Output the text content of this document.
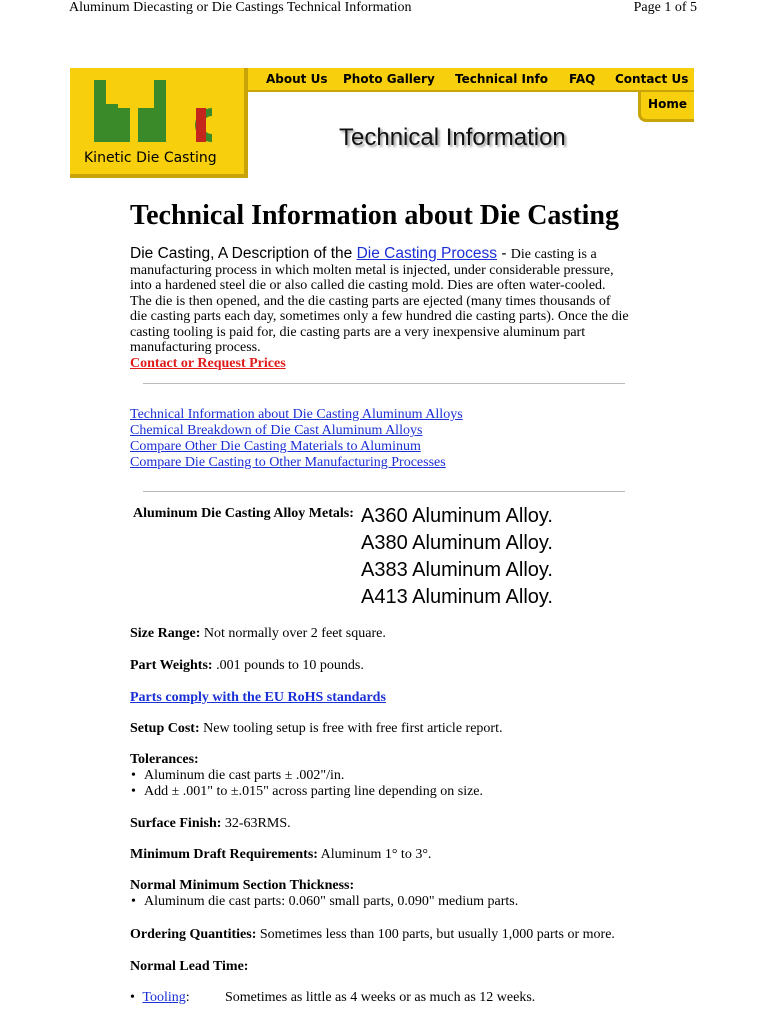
Aluminum Diecasting or Die Castings Technical Information	Page 1 of 5
Kinetic Die Casting
About Us Photo Gallery Technical Info FAQ Contact Us
Home
Technical Information
Technical Information about Die Casting
Die Casting, A Description of the Die Casting Process - Die casting is a manufacturing process in which molten metal is injected, under considerable pressure, into a hardened steel die or also called die casting mold. Dies are often water-cooled. The die is then opened, and the die casting parts are ejected (many times thousands of die casting parts each day, sometimes only a few hundred die casting parts). Once the die casting tooling is paid for, die casting parts are a very inexpensive aluminum part manufacturing process.
Contact or Request Prices
Technical Information about Die Casting Aluminum Alloys
Chemical Breakdown of Die Cast Aluminum Alloys
Compare Other Die Casting Materials to Aluminum
Compare Die Casting to Other Manufacturing Processes
Aluminum Die Casting Alloy Metals: A360 Aluminum Alloy.
A380 Aluminum Alloy.
A383 Aluminum Alloy.
A413 Aluminum Alloy.
Size Range: Not normally over 2 feet square.
Part Weights: .001 pounds to 10 pounds.
Parts comply with the EU RoHS standards
Setup Cost: New tooling setup is free with free first article report.
Tolerances:
• Aluminum die cast parts ± .002"/in.
• Add ± .001" to ±.015" across parting line depending on size.
Surface Finish: 32-63RMS.
Minimum Draft Requirements: Aluminum 1° to 3°.
Normal Minimum Section Thickness:
• Aluminum die cast parts: 0.060" small parts, 0.090" medium parts.
Ordering Quantities: Sometimes less than 100 parts, but usually 1,000 parts or more.
Normal Lead Time:
• Tooling:	Sometimes as little as 4 weeks or as much as 12 weeks.
